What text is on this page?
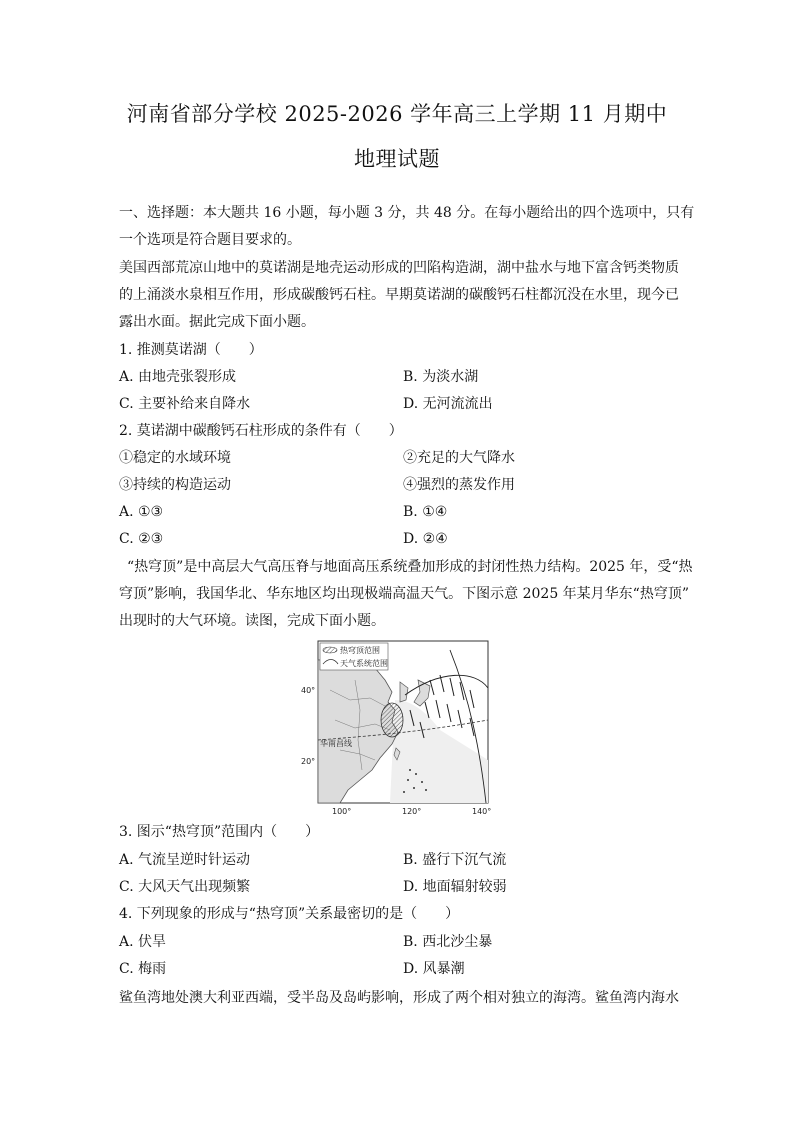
河南省部分学校 2025-2026 学年高三上学期 11 月期中
地理试题
一、选择题：本大题共 16 小题，每小题 3 分，共 48 分。在每小题给出的四个选项中，只有
一个选项是符合题目要求的。
美国西部荒凉山地中的莫诺湖是地壳运动形成的凹陷构造湖，湖中盐水与地下富含钙类物质
的上涌淡水泉相互作用，形成碳酸钙石柱。早期莫诺湖的碳酸钙石柱都沉没在水里，现今已
露出水面。据此完成下面小题。
1. 推测莫诺湖（　　）
A. 由地壳张裂形成	B. 为淡水湖
C. 主要补给来自降水	D. 无河流流出
2. 莫诺湖中碳酸钙石柱形成的条件有（　　）
①稳定的水域环境	②充足的大气降水
③持续的构造运动	④强烈的蒸发作用
A. ①③	B. ①④
C. ②③	D. ②④
“热穹顶”是中高层大气高压脊与地面高压系统叠加形成的封闭性热力结构。2025 年，受“热
穹顶”影响，我国华北、华东地区均出现极端高温天气。下图示意 2025 年某月华东“热穹顶”
出现时的大气环境。读图，完成下面小题。
热穹顶范围
天气系统范围
40°
20°
100°	120°	140°
华南昌线
3. 图示“热穹顶”范围内（　　）
A. 气流呈逆时针运动	B. 盛行下沉气流
C. 大风天气出现频繁	D. 地面辐射较弱
4. 下列现象的形成与“热穹顶”关系最密切的是（　　）
A. 伏旱	B. 西北沙尘暴
C. 梅雨	D. 风暴潮
鲨鱼湾地处澳大利亚西端，受半岛及岛屿影响，形成了两个相对独立的海湾。鲨鱼湾内海水
